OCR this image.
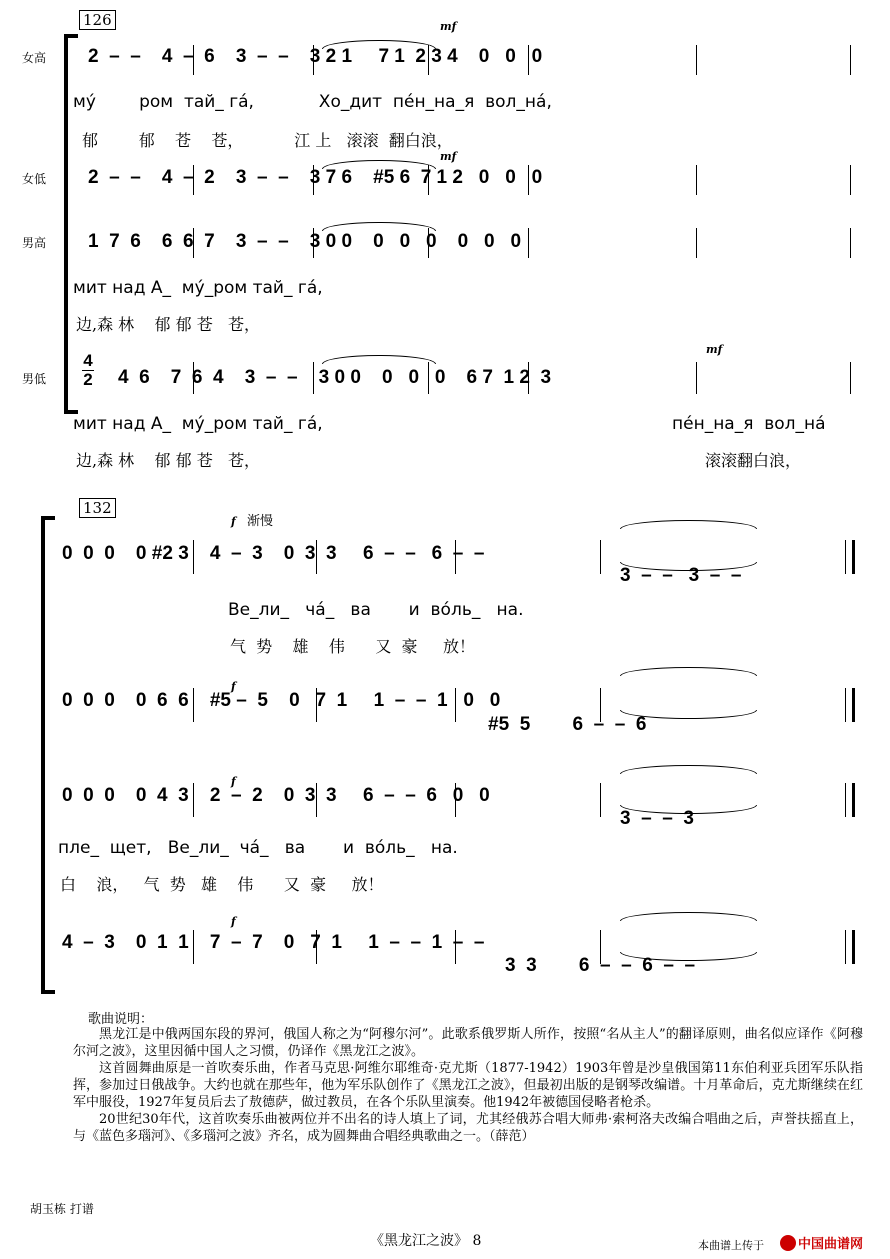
126
女高
女低
男高
男低
mf
mf
mf
2  –  –    4  –  6    3  –  –    3 2 1     7 1  2 3 4    0   0   0
мý        ром  тай_ гá,            Хо_дит  пéн_на_я  вол_нá,
郁        郁    苍    苍，          江 上   滚滚  翻白浪，
2  –  –    4  –  2    3  –  –    3 7 6    #5 6  7 1 2   0   0   0
1  7  6    6  6  7    3  –  –    3 0 0    0   0   0    0   0   0
мит над А_  мý_ром тай_ гá,
边,森 林    郁 郁 苍   苍，
4
2 4  6    7  6  4    3  –  –    3 0 0    0   0   0    6 7  1 2  3
мит над А_  мý_ром тай_ гá,	пéн_на_я  вол_нá
边,森 林    郁 郁 苍   苍，	滚滚翻白浪，
132
渐慢
f
f
f
f
0  0  0    0 #2 3    4  –  3    0  3  3     6  –  –   6  –  –
3  –  –   3  –  –
Ве_ли_   чá_   ва       и  вóль_   на.
气  势    雄    伟      又  豪     放！
0  0  0    0  6  6    #5 –  5    0   7  1     1  –  –  1   0   0
#5  5        6  –  –  6
0  0  0    0  4  3    2  –  2    0  3  3     6  –  –  6   0   0
3  –  –  3
пле_  щет,   Ве_ли_  чá_   ва       и  вóль_   на.
白    浪，   气  势   雄    伟      又  豪     放！
4  –  3    0  1  1    7  –  7    0   7  1     1  –  –  1  –  –
3  3        6  –  –  6  –  –
歌曲说明：

黑龙江是中俄两国东段的界河，俄国人称之为“阿穆尔河”。此歌系俄罗斯人所作，按照“名从主人”的翻译原则，曲名似应译作《阿穆尔河之波》，这里因循中国人之习惯，仍译作《黑龙江之波》。

这首圆舞曲原是一首吹奏乐曲，作者马克思·阿维尔耶维奇·克尤斯（1877-1942）1903年曾是沙皇俄国第11东伯利亚兵团军乐队指挥，参加过日俄战争。大约也就在那些年，他为军乐队创作了《黑龙江之波》，但最初出版的是钢琴改编谱。十月革命后，克尤斯继续在红军中服役，1927年复员后去了敖德萨，做过教员，在各个乐队里演奏。他1942年被德国侵略者枪杀。

20世纪30年代，这首吹奏乐曲被两位并不出名的诗人填上了词，尤其经俄苏合唱大师弗·索柯洛夫改编合唱曲之后，声誉扶摇直上，与《蓝色多瑙河》、《多瑙河之波》齐名，成为圆舞曲合唱经典歌曲之一。（薛范）

胡玉栋 打谱
《黑龙江之波》 8	本曲谱上传于	中国曲谱网
